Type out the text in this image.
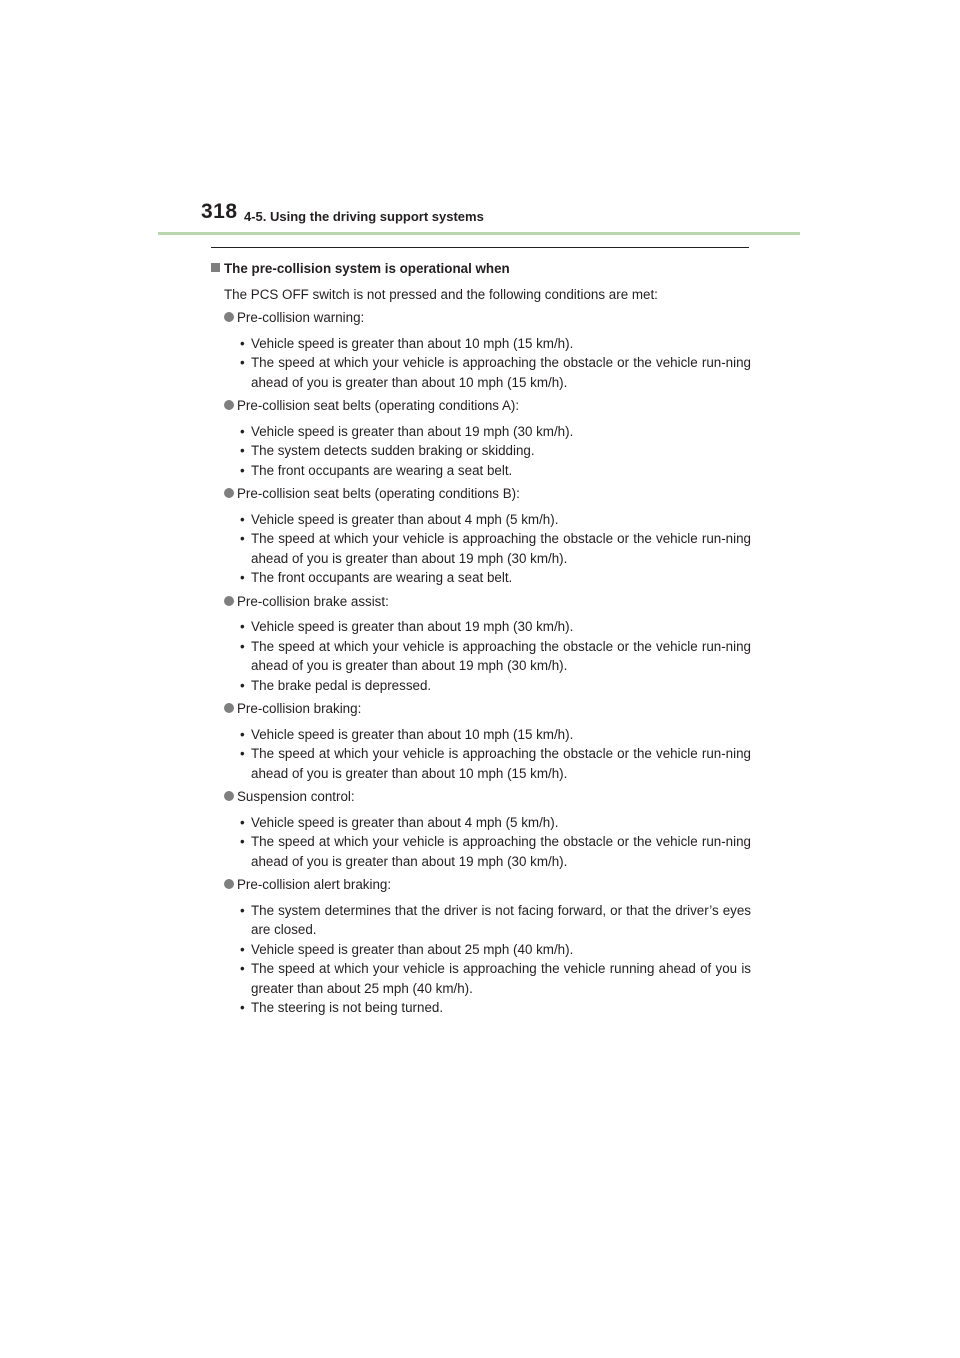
318 4-5. Using the driving support systems
The pre-collision system is operational when
The PCS OFF switch is not pressed and the following conditions are met:
Pre-collision warning:
• Vehicle speed is greater than about 10 mph (15 km/h).
• The speed at which your vehicle is approaching the obstacle or the vehicle run-ning ahead of you is greater than about 10 mph (15 km/h).
Pre-collision seat belts (operating conditions A):
• Vehicle speed is greater than about 19 mph (30 km/h).
• The system detects sudden braking or skidding.
• The front occupants are wearing a seat belt.
Pre-collision seat belts (operating conditions B):
• Vehicle speed is greater than about 4 mph (5 km/h).
• The speed at which your vehicle is approaching the obstacle or the vehicle run-ning ahead of you is greater than about 19 mph (30 km/h).
• The front occupants are wearing a seat belt.
Pre-collision brake assist:
• Vehicle speed is greater than about 19 mph (30 km/h).
• The speed at which your vehicle is approaching the obstacle or the vehicle run-ning ahead of you is greater than about 19 mph (30 km/h).
• The brake pedal is depressed.
Pre-collision braking:
• Vehicle speed is greater than about 10 mph (15 km/h).
• The speed at which your vehicle is approaching the obstacle or the vehicle run-ning ahead of you is greater than about 10 mph (15 km/h).
Suspension control:
• Vehicle speed is greater than about 4 mph (5 km/h).
• The speed at which your vehicle is approaching the obstacle or the vehicle run-ning ahead of you is greater than about 19 mph (30 km/h).
Pre-collision alert braking:
• The system determines that the driver is not facing forward, or that the driver’s eyes are closed.
• Vehicle speed is greater than about 25 mph (40 km/h).
• The speed at which your vehicle is approaching the vehicle running ahead of you is greater than about 25 mph (40 km/h).
• The steering is not being turned.
